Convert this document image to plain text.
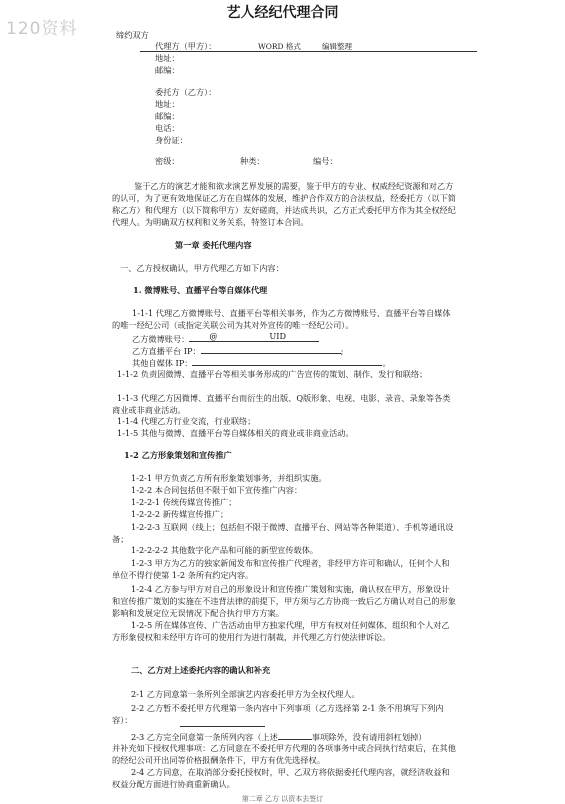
120资料
艺人经纪代理合同
缔约双方
代理方（甲方）：	WORD 格式	编辑整理
地址：
邮编：
委托方（乙方）：
地址：
邮编：
电话：
身份证：
密级：	种类：	编号：
鉴于乙方的演艺才能和欲求演艺界发展的需要，鉴于甲方的专业、权威经纪资源和对乙方的认可，为了更有效地保证乙方在自媒体的发展，维护合作双方的合法权益，经委托方（以下简称乙方）和代理方（以下简称甲方）友好磋商，并达成共识，乙方正式委托甲方作为其全权经纪代理人。为明确双方权利和义务关系，特签订本合同。
第一章 委托代理内容
一、乙方授权确认，甲方代理乙方如下内容：
1. 微博账号、直播平台等自媒体代理
1-1-1 代理乙方微博账号、直播平台等相关事务，作为乙方微博账号、直播平台等自媒体的唯一经纪公司（或指定关联公司为其对外宣传的唯一经纪公司）。
乙方微博账号： @	UID
乙方直播平台 IP：	;
其他自媒体 IP：	。
1-1-2 负责因微博、直播平台等相关事务形成的广告宣传的策划、制作、发行和联络；
1-1-3 代理乙方因微博、直播平台而衍生的出版、Q版形象、电视、电影、录音、录象等各类商业或非商业活动。
1-1-4 代理乙方行业交流，行业联络；
1-1-5 其他与微博、直播平台等自媒体相关的商业或非商业活动。
1-2 乙方形象策划和宣传推广
1-2-1 甲方负责乙方所有形象策划事务，并组织实施。
1-2-2 本合同包括但不限于如下宣传推广内容：
1-2-2-1 传统传媒宣传推广；
1-2-2-2 新传媒宣传推广；
1-2-2-3 互联网（线上；包括但不限于微博、直播平台、网站等各种渠道）、手机等通讯设备；
1-2-2-2-2 其他数字化产品和可能的新型宣传载体。
1-2-3 甲方为乙方的独家新闻发布和宣传推广代理者，非经甲方许可和确认，任何个人和单位不得行使第 1-2 条所有约定内容。
1-2-4 乙方参与甲方对自己的形象设计和宣传推广策划和实施，确认权在甲方，形象设计和宣传推广策划的实施在不违背法律的前提下，甲方须与乙方协商一致后乙方确认对自己的形象影响和发展定位无误情况下配合执行甲方方案。
1-2-5 所在媒体宣传、广告活动由甲方独家代理，甲方有权对任何媒体、组织和个人对乙方形象侵权和未经甲方许可的使用行为进行制裁，并代理乙方行使法律诉讼。
二、乙方对上述委托内容的确认和补充
2-1 乙方同意第一条所列全部演艺内容委托甲方为全权代理人。
2-2 乙方暂不委托甲方代理第一条内容中下列事项（乙方选择第 2-1 条不用填写下列内容）：
2-3 乙方完全同意第一条所列内容（上述	事项除外，没有请用斜杠划掉）
并补充如下授权代理事项：乙方同意在不委托甲方代理的各项事务中或合同执行结束后，在其他的经纪公司开出同等价格报酬条件下，甲方有优先选择权。
2-4 乙方同意，在取消部分委托授权时，甲、乙双方将依据委托代理内容，就经济收益和权益分配方面进行协商重新确认。
第二章 乙方 以资本去签订
